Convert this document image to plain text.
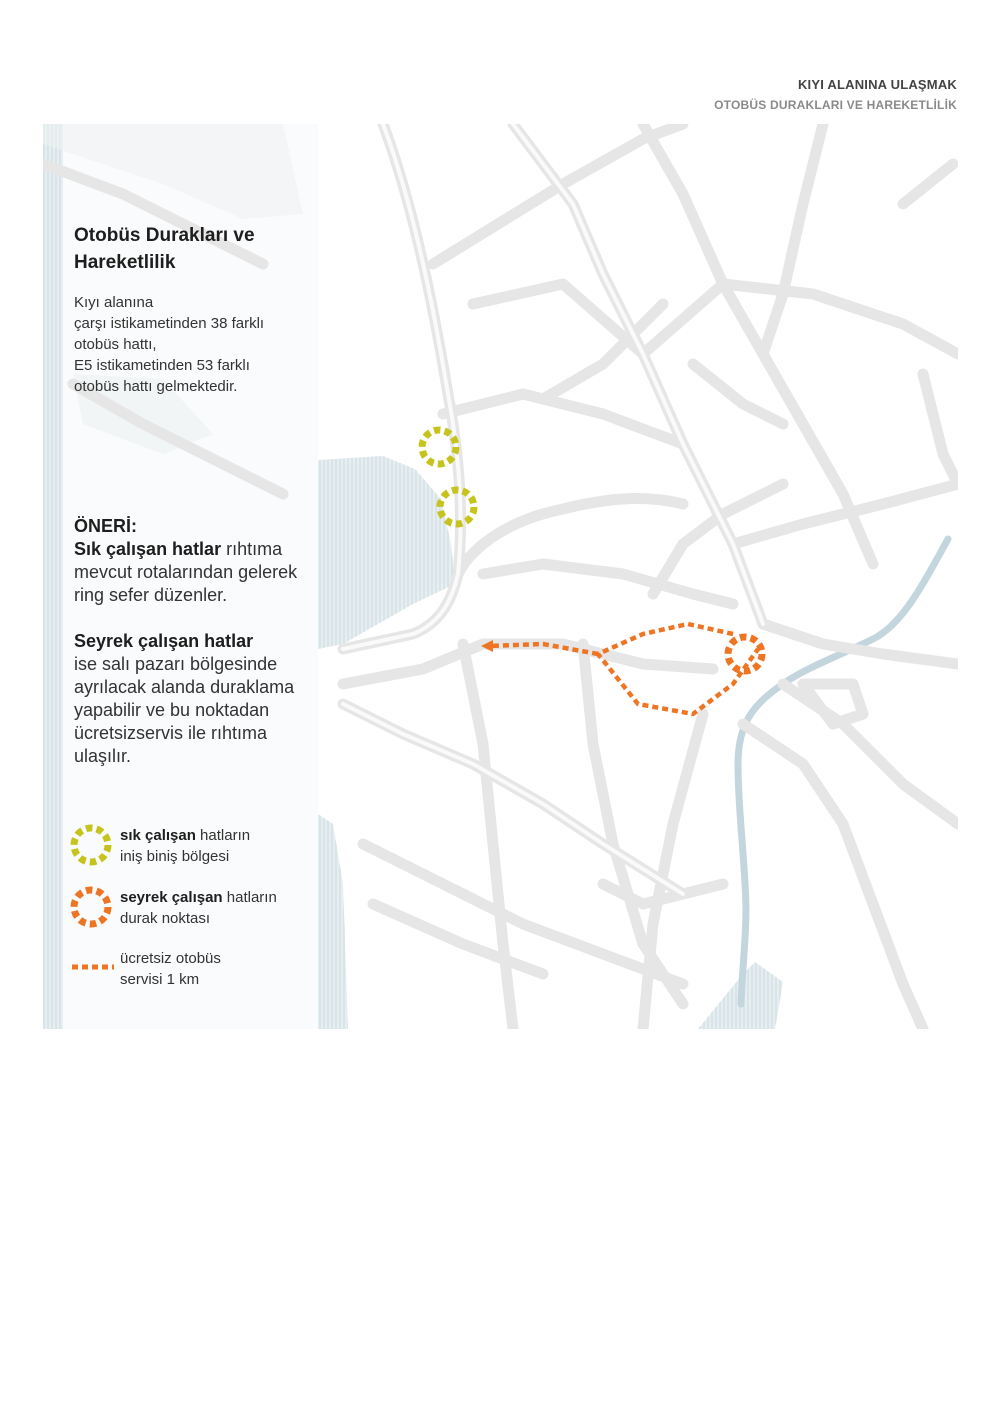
KIYI ALANINA ULAŞMAK
OTOBÜS DURAKLARI VE HAREKETLİLİK
Otobüs Durakları ve Hareketlilik
Kıyı alanına
çarşı istikametinden 38 farklı
otobüs hattı,
E5 istikametinden 53 farklı
otobüs hattı gelmektedir.

ÖNERİ:

Sık çalışan hatlar rıhtıma mevcut rotalarından gelerek ring sefer düzenler.

Seyrek çalışan hatlar

ise salı pazarı bölgesinde ayrılacak alanda duraklama yapabilir ve bu noktadan ücretsizservis ile rıhtıma ulaşılır.

sık çalışan hatların
iniş biniş bölgesi
seyrek çalışan hatların
durak noktası
ücretsiz otobüs
servisi 1 km
